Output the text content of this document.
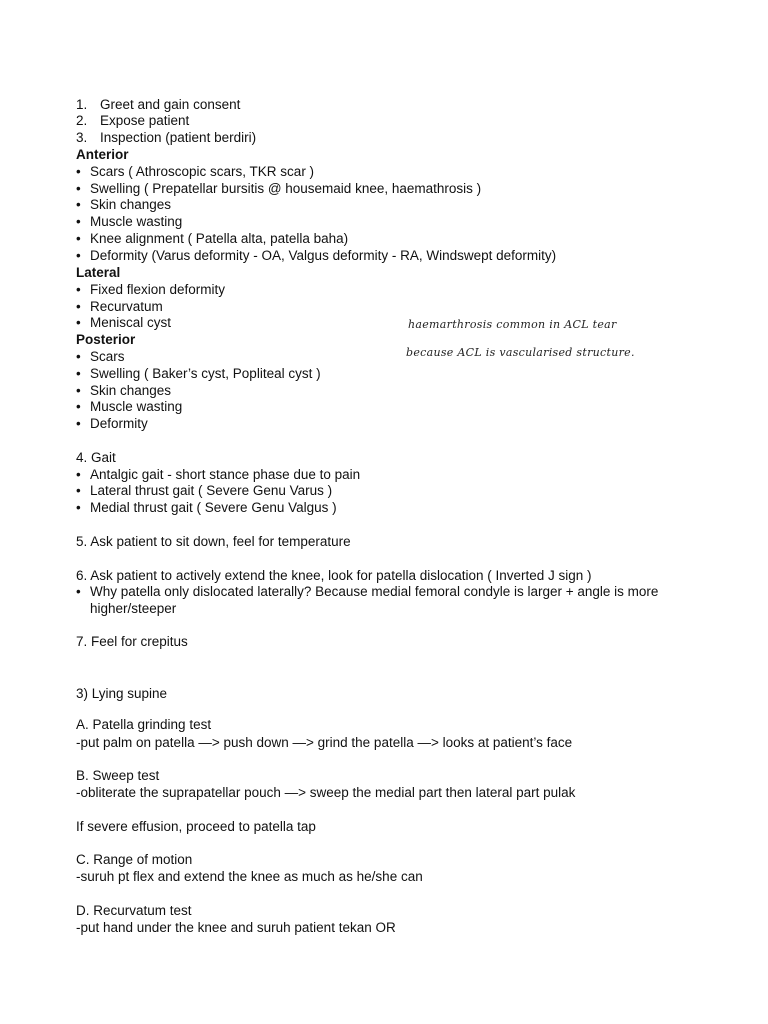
1. Greet and gain consent
2. Expose patient
3. Inspection (patient berdiri)
Anterior
• Scars ( Athroscopic scars, TKR scar )
• Swelling ( Prepatellar bursitis @ housemaid knee, haemathrosis )
• Skin changes
• Muscle wasting
• Knee alignment ( Patella alta, patella baha)
• Deformity (Varus deformity - OA, Valgus deformity - RA, Windswept deformity)
Lateral
• Fixed flexion deformity
• Recurvatum
• Meniscal cyst
Posterior
• Scars
• Swelling ( Baker’s cyst, Popliteal cyst )
• Skin changes
• Muscle wasting
• Deformity
4. Gait
• Antalgic gait - short stance phase due to pain
• Lateral thrust gait ( Severe Genu Varus )
• Medial thrust gait ( Severe Genu Valgus )
5. Ask patient to sit down, feel for temperature
6. Ask patient to actively extend the knee, look for patella dislocation ( Inverted J sign )
• Why patella only dislocated laterally? Because medial femoral condyle is larger + angle is more
higher/steeper
7. Feel for crepitus
3) Lying supine
A. Patella grinding test
-put palm on patella —> push down —> grind the patella —> looks at patient’s face
B. Sweep test
-obliterate the suprapatellar pouch —> sweep the medial part then lateral part pulak
If severe effusion, proceed to patella tap
C. Range of motion
-suruh pt flex and extend the knee as much as he/she can
D. Recurvatum test
-put hand under the knee and suruh patient tekan OR
haemarthrosis common in ACL tear
because ACL is vascularised structure.
